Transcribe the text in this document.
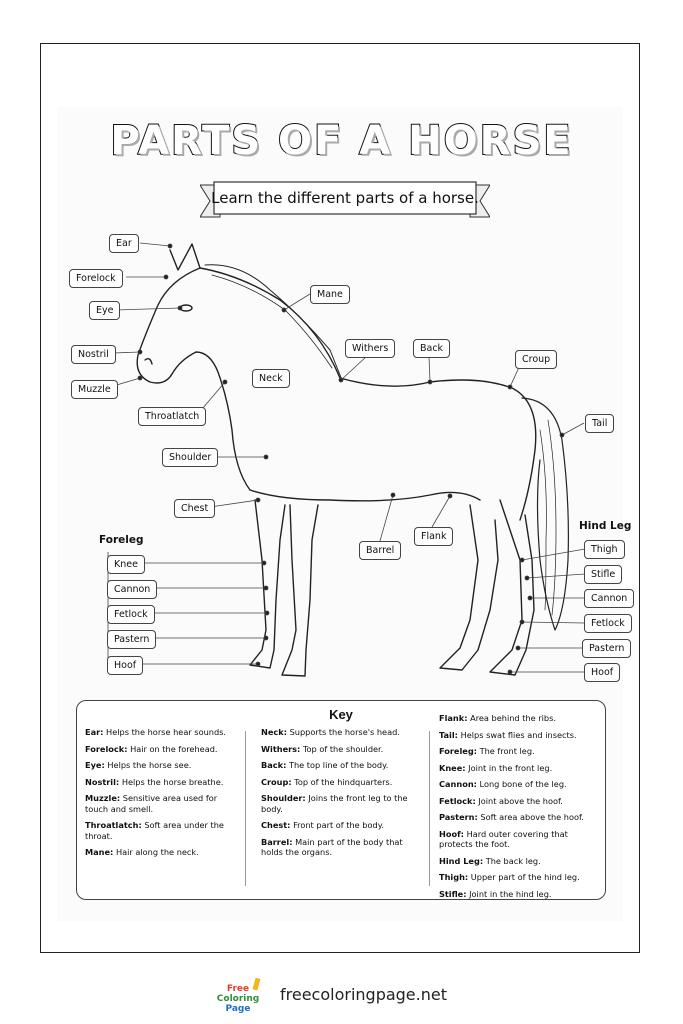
PARTS OF A HORSE
Learn the different parts of a horse.
Ear
Forelock
Eye
Mane
Nostril
Muzzle
Withers	Back
Croup
Neck
Throatlatch
Tail
Shoulder
Chest
Flank
Barrel
Foreleg
Knee
Cannon
Fetlock
Pastern
Hoof
Hind Leg
Thigh
Stifle
Cannon
Fetlock
Pastern
Hoof
Key
Ear: Helps the horse hear sounds.
Forelock: Hair on the forehead.
Eye: Helps the horse see.
Nostril: Helps the horse breathe.
Muzzle: Sensitive area used for touch and smell.
Throatlatch: Soft area under the throat.
Mane: Hair along the neck.
Neck: Supports the horse's head.
Withers: Top of the shoulder.
Back: The top line of the body.
Croup: Top of the hindquarters.
Shoulder: Joins the front leg to the body.
Chest: Front part of the body.
Barrel: Main part of the body that holds the organs.
Flank: Area behind the ribs.
Tail: Helps swat flies and insects.
Foreleg: The front leg.
Knee: Joint in the front leg.
Cannon: Long bone of the leg.
Fetlock: Joint above the hoof.
Pastern: Soft area above the hoof.
Hoof: Hard outer covering that protects the foot.
Hind Leg: The back leg.
Thigh: Upper part of the hind leg.
Stifle: Joint in the hind leg.
Free
Coloring
Page
freecoloringpage.net
